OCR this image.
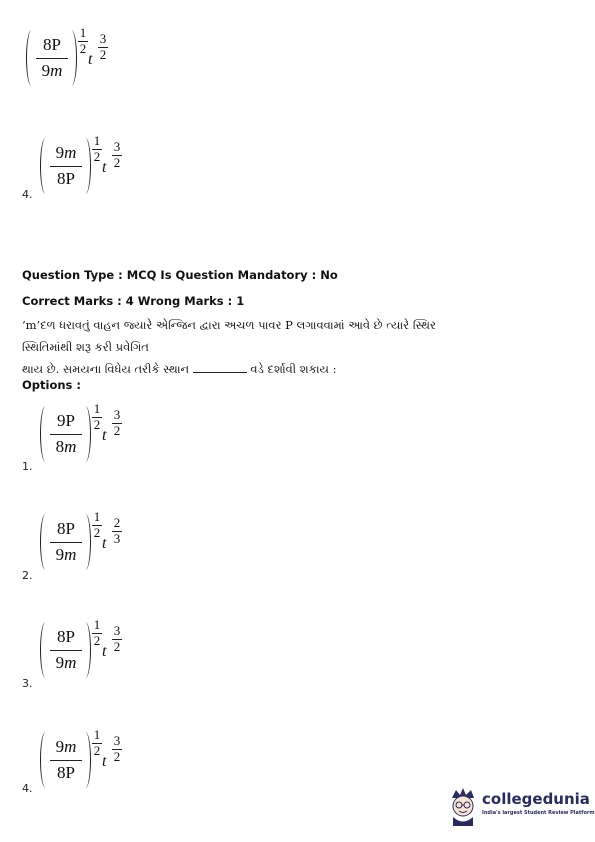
8P
9m
1
2
t
3
2
9m
8P
1
2
t
3
2
4.
Question Type : MCQ Is Question Mandatory : No
Correct Marks : 4 Wrong Marks : 1
‘m’દળ ધરાવતું વાહન જ્યારે એન્જિન દ્વારા અચળ પાવર P લગાવવામાં આવે છે ત્યારે સ્થિર સ્થિતિમાંથી શરૂ કરી પ્રવેગિત
થાય છે. સમયના વિધેય તરીકે સ્થાન	વડે દર્શાવી શકાય :
Options :
9P
8m
1
2
t
3
2
1.
8P
9m
1
2
t
2
3
2.
8P
9m
1
2
t
3
2
3.
9m
8P
1
2
t
3
2
4.
collegedunia
India's largest Student Review Platform
